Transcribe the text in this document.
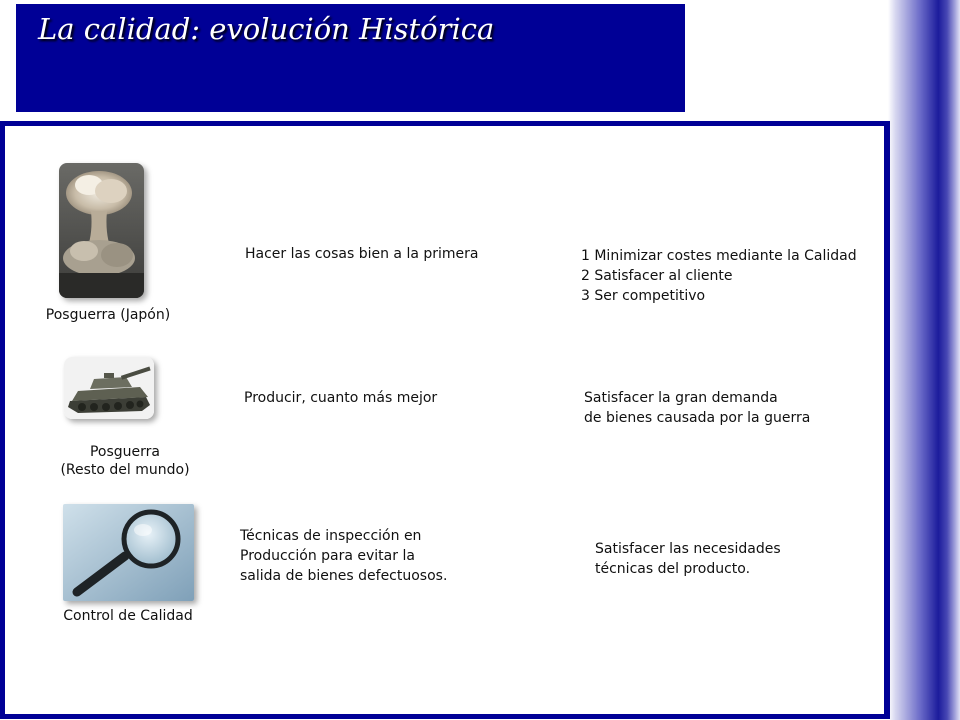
La calidad: evolución Histórica
Posguerra (Japón)
Hacer las cosas bien a la primera	1 Minimizar costes mediante la Calidad
2 Satisfacer al cliente
3 Ser competitivo
Posguerra
(Resto del mundo)
Producir, cuanto más mejor	Satisfacer la gran demanda
de bienes causada por la guerra
Control de Calidad
Técnicas de inspección en
Producción para evitar la
salida de bienes defectuosos.
Satisfacer las necesidades
técnicas del producto.
